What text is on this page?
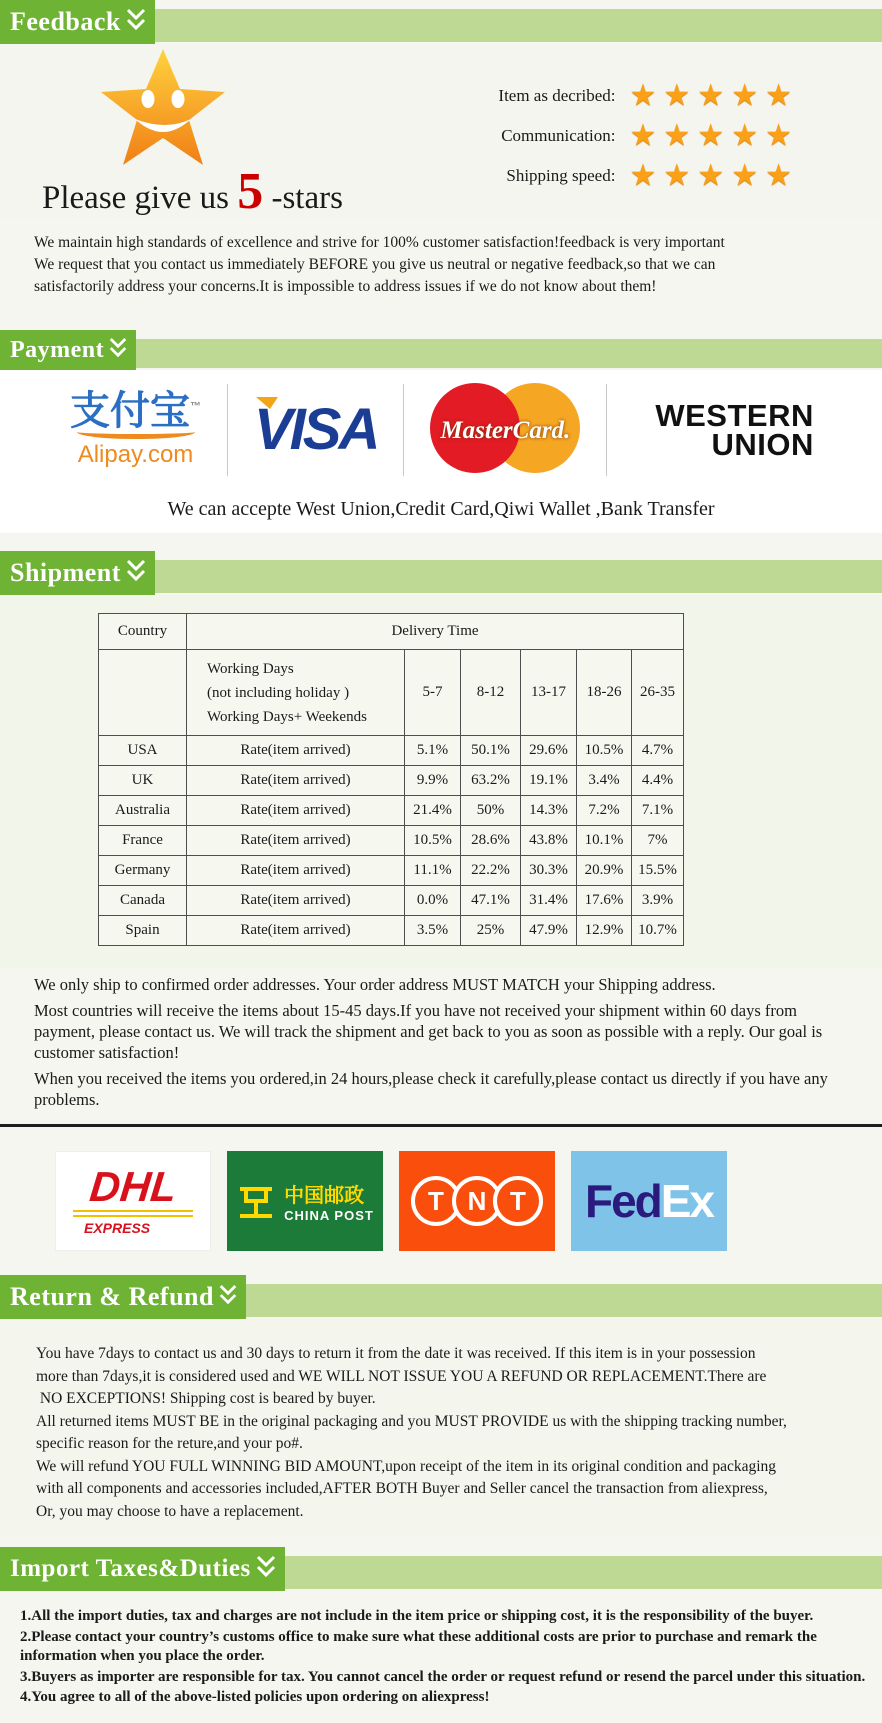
Feedback
Please give us 5 -stars
Item as decribed: ★ ★ ★ ★ ★
Communication: ★ ★ ★ ★ ★
Shipping speed: ★ ★ ★ ★ ★
We maintain high standards of excellence and strive for 100% customer satisfaction!feedback is very important
We request that you contact us immediately BEFORE you give us neutral or negative feedback,so that we can
satisfactorily address your concerns.It is impossible to address issues if we do not know about them!
Payment
支付宝™
Alipay.com VISA	MasterCard.	WESTERN
UNION
We can accepte West Union,Credit Card,Qiwi Wallet ,Bank Transfer
Shipment
Country	Delivery Time					

	Working Days
(not including holiday )
Working Days+ Weekends	5-7	8-12	13-17	18-26	26-35
USA	Rate(item arrived)	5.1%	50.1%	29.6%	10.5%	4.7%
UK	Rate(item arrived)	9.9%	63.2%	19.1%	3.4%	4.4%
Australia	Rate(item arrived)	21.4%	50%	14.3%	7.2%	7.1%
France	Rate(item arrived)	10.5%	28.6%	43.8%	10.1%	7%
Germany	Rate(item arrived)	11.1%	22.2%	30.3%	20.9%	15.5%
Canada	Rate(item arrived)	0.0%	47.1%	31.4%	17.6%	3.9%
Spain	Rate(item arrived)	3.5%	25%	47.9%	12.9%	10.7%

We only ship to confirmed order addresses. Your order address MUST MATCH your Shipping address.

Most countries will receive the items about 15-45 days.If you have not received your shipment within 60 days from payment, please contact us. We will track the shipment and get back to you as soon as possible with a reply. Our goal is customer satisfaction!

When you received the items you ordered,in 24 hours,please check it carefully,please contact us directly if you have any problems.

DHL
EXPRESS
中国邮政
CHINA POST	T N T	FedEx
Return & Refund
You have 7days to contact us and 30 days to return it from the date it was received. If this item is in your possession
more than 7days,it is considered used and WE WILL NOT ISSUE YOU A REFUND OR REPLACEMENT.There are
NO EXCEPTIONS! Shipping cost is beared by buyer.
All returned items MUST BE in the original packaging and you MUST PROVIDE us with the shipping tracking number,
specific reason for the reture,and your po#.
We will refund YOU FULL WINNING BID AMOUNT,upon receipt of the item in its original condition and packaging
with all components and accessories included,AFTER BOTH Buyer and Seller cancel the transaction from aliexpress,
Or, you may choose to have a replacement.
Import Taxes&Duties
1.All the import duties, tax and charges are not include in the item price or shipping cost, it is the responsibility of the buyer.
2.Please contact your country’s customs office to make sure what these additional costs are prior to purchase and remark the information when you place the order.
3.Buyers as importer are responsible for tax. You cannot cancel the order or request refund or resend the parcel under this situation.
4.You agree to all of the above-listed policies upon ordering on aliexpress!
